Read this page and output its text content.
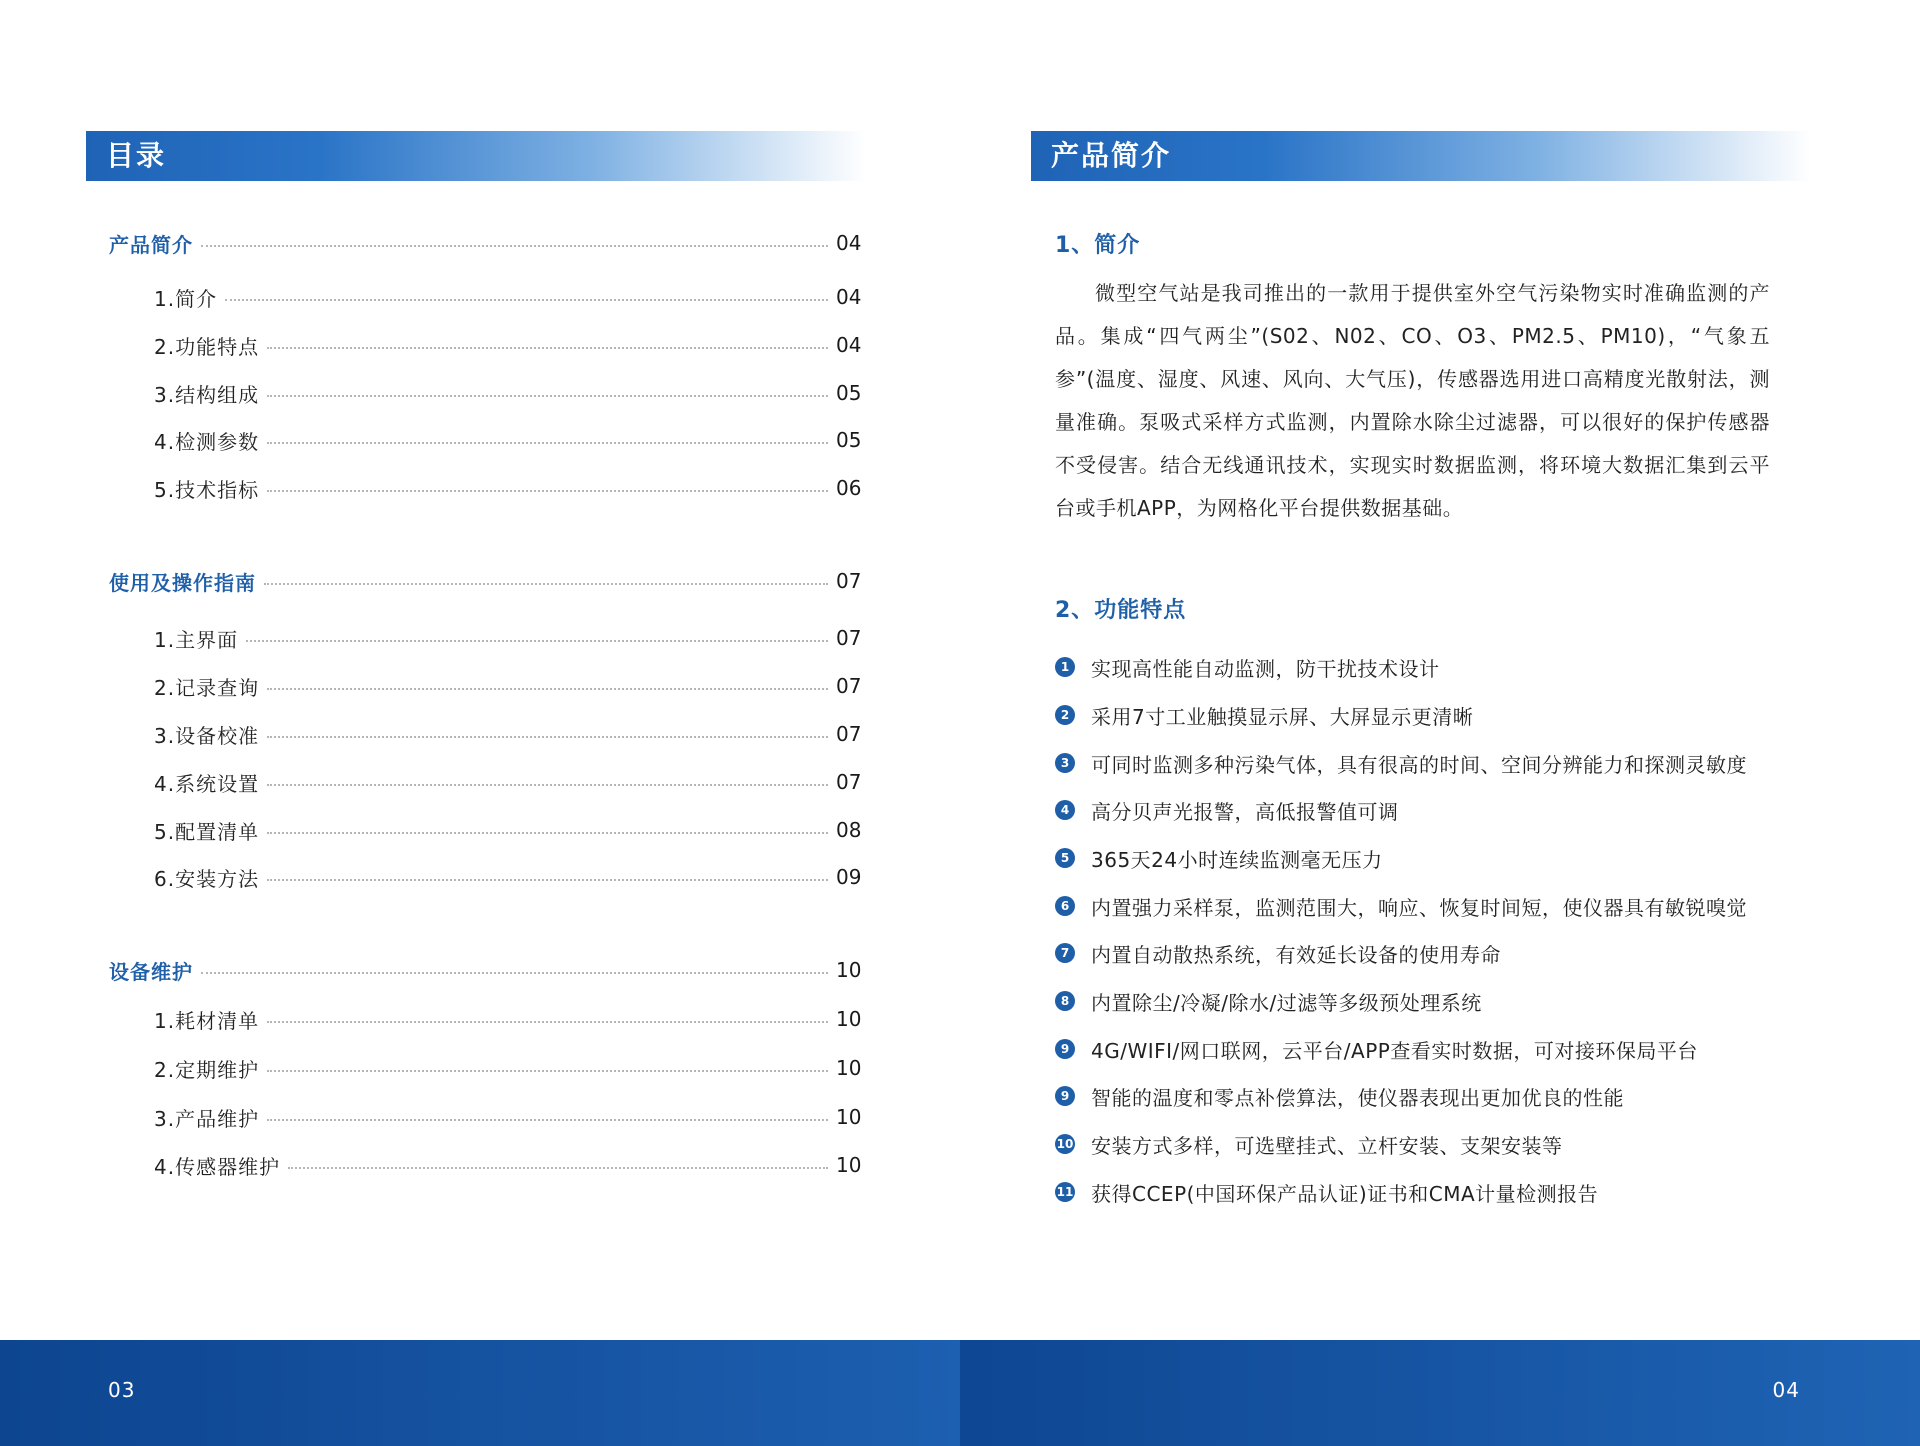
目录
产品简介	04
1.简介	04
2.功能特点	04
3.结构组成	05
4.检测参数	05
5.技术指标	06
使用及操作指南	07
1.主界面	07
2.记录查询	07
3.设备校准	07
4.系统设置	07
5.配置清单	08
6.安装方法	09
设备维护	10
1.耗材清单	10
2.定期维护	10
3.产品维护	10
4.传感器维护	10
03
产品简介
1、简介

微型空气站是我司推出的一款用于提供室外空气污染物实时准确监测的产品。集成“四气两尘”(S02、N02、CO、O3、PM2.5、PM10)，“气象五参”(温度、湿度、风速、风向、大气压)，传感器选用进口高精度光散射法，测量准确。泵吸式采样方式监测，内置除水除尘过滤器，可以很好的保护传感器不受侵害。结合无线通讯技术，实现实时数据监测，将环境大数据汇集到云平台或手机APP，为网格化平台提供数据基础。

2、功能特点
1 实现高性能自动监测，防干扰技术设计
2 采用7寸工业触摸显示屏、大屏显示更清晰
3 可同时监测多种污染气体，具有很高的时间、空间分辨能力和探测灵敏度
4 高分贝声光报警，高低报警值可调
5 365天24小时连续监测毫无压力
6 内置强力采样泵，监测范围大，响应、恢复时间短，使仪器具有敏锐嗅觉
7 内置自动散热系统，有效延长设备的使用寿命
8 内置除尘/冷凝/除水/过滤等多级预处理系统
9 4G/WIFI/网口联网，云平台/APP查看实时数据，可对接环保局平台
9 智能的温度和零点补偿算法，使仪器表现出更加优良的性能
10 安装方式多样，可选壁挂式、立杆安装、支架安装等
11 获得CCEP(中国环保产品认证)证书和CMA计量检测报告
04
